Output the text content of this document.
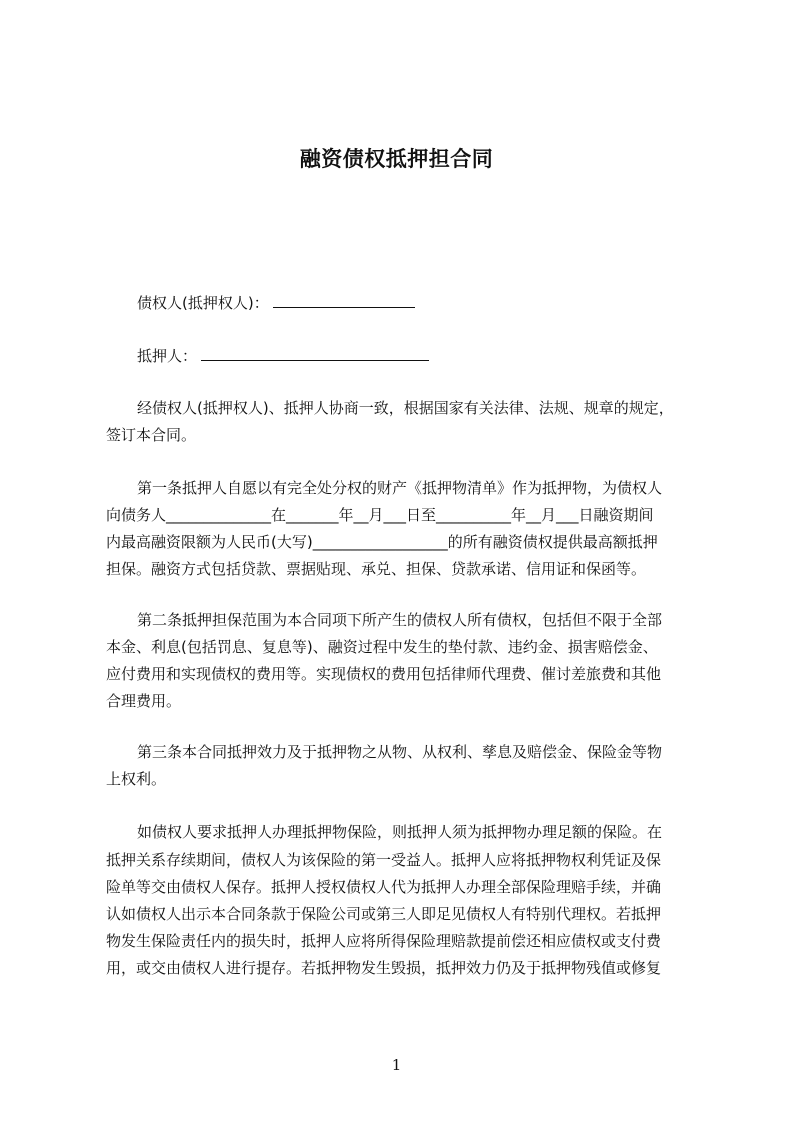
融资债权抵押担合同
债权人(抵押权人)：
抵押人：
经债权人(抵押权人)、抵押人协商一致，根据国家有关法律、法规、规章的规定，
签订本合同。
第一条抵押人自愿以有完全处分权的财产《抵押物清单》作为抵押物，为债权人
向债务人______________在_______年__月___日至__________年__月___日融资期间
内最高融资限额为人民币(大写)__________________的所有融资债权提供最高额抵押
担保。融资方式包括贷款、票据贴现、承兑、担保、贷款承诺、信用证和保函等。
第二条抵押担保范围为本合同项下所产生的债权人所有债权，包括但不限于全部
本金、利息(包括罚息、复息等)、融资过程中发生的垫付款、违约金、损害赔偿金、
应付费用和实现债权的费用等。实现债权的费用包括律师代理费、催讨差旅费和其他
合理费用。
第三条本合同抵押效力及于抵押物之从物、从权利、孳息及赔偿金、保险金等物
上权利。
如债权人要求抵押人办理抵押物保险，则抵押人须为抵押物办理足额的保险。在
抵押关系存续期间，债权人为该保险的第一受益人。抵押人应将抵押物权利凭证及保
险单等交由债权人保存。抵押人授权债权人代为抵押人办理全部保险理赔手续，并确
认如债权人出示本合同条款于保险公司或第三人即足见债权人有特别代理权。若抵押
物发生保险责任内的损失时，抵押人应将所得保险理赔款提前偿还相应债权或支付费
用，或交由债权人进行提存。若抵押物发生毁损，抵押效力仍及于抵押物残值或修复
1
